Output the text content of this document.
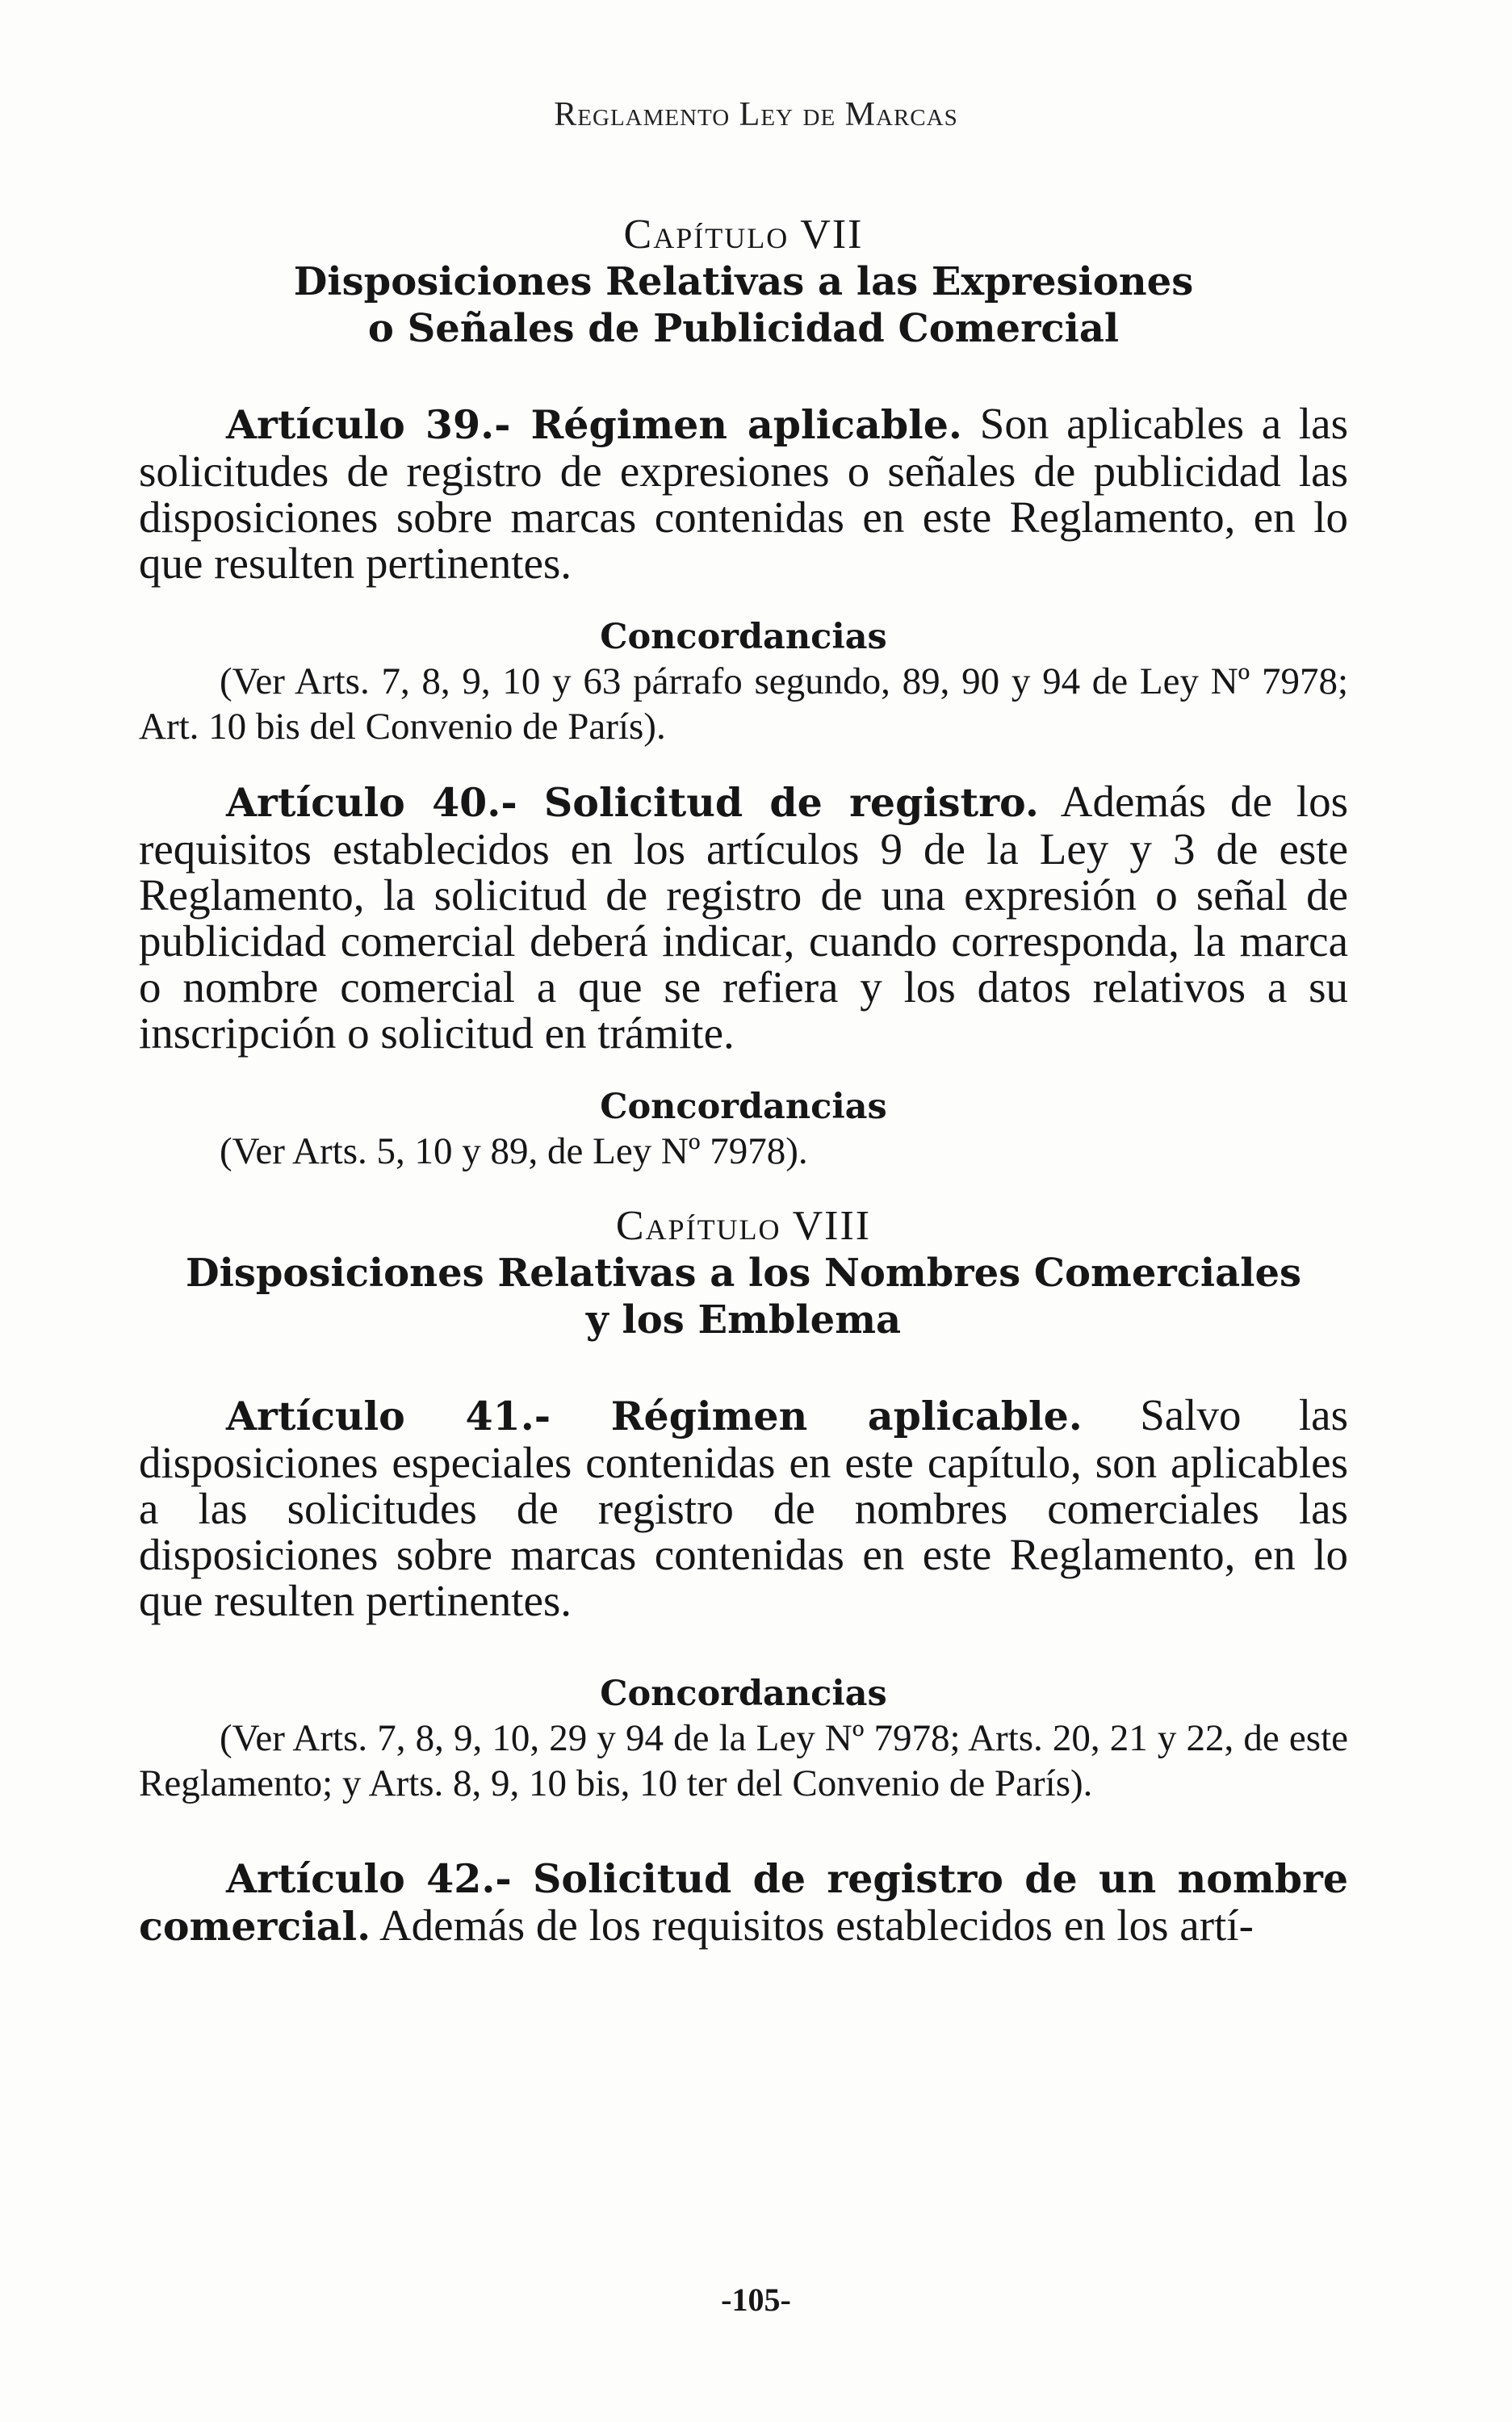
Reglamento Ley de Marcas
Capítulo VII
Disposiciones Relativas a las Expresiones
o Señales de Publicidad Comercial

Artículo 39.- Régimen aplicable. Son aplicables a las solicitudes de registro de expresiones o señales de publicidad las disposiciones sobre marcas contenidas en este Reglamento, en lo que resulten pertinentes.

Concordancias

(Ver Arts. 7, 8, 9, 10 y 63 párrafo segundo, 89, 90 y 94 de Ley Nº 7978; Art. 10 bis del Convenio de París).

Artículo 40.- Solicitud de registro. Además de los requisitos establecidos en los artículos 9 de la Ley y 3 de este Reglamento, la solicitud de registro de una expresión o señal de publicidad comercial deberá indicar, cuando corresponda, la marca o nombre comercial a que se refiera y los datos relativos a su inscripción o solicitud en trámite.

Concordancias

(Ver Arts. 5, 10 y 89, de Ley Nº 7978).

Capítulo VIII
Disposiciones Relativas a los Nombres Comerciales
y los Emblema

Artículo 41.- Régimen aplicable. Salvo las disposiciones especiales contenidas en este capítulo, son aplicables a las solicitudes de registro de nombres comerciales las disposiciones sobre marcas contenidas en este Reglamento, en lo que resulten pertinentes.

Concordancias

(Ver Arts. 7, 8, 9, 10, 29 y 94 de la Ley Nº 7978; Arts. 20, 21 y 22, de este Reglamento; y Arts. 8, 9, 10 bis, 10 ter del Convenio de París).

Artículo 42.- Solicitud de registro de un nombre comercial. Además de los requisitos establecidos en los artí-

-105-
